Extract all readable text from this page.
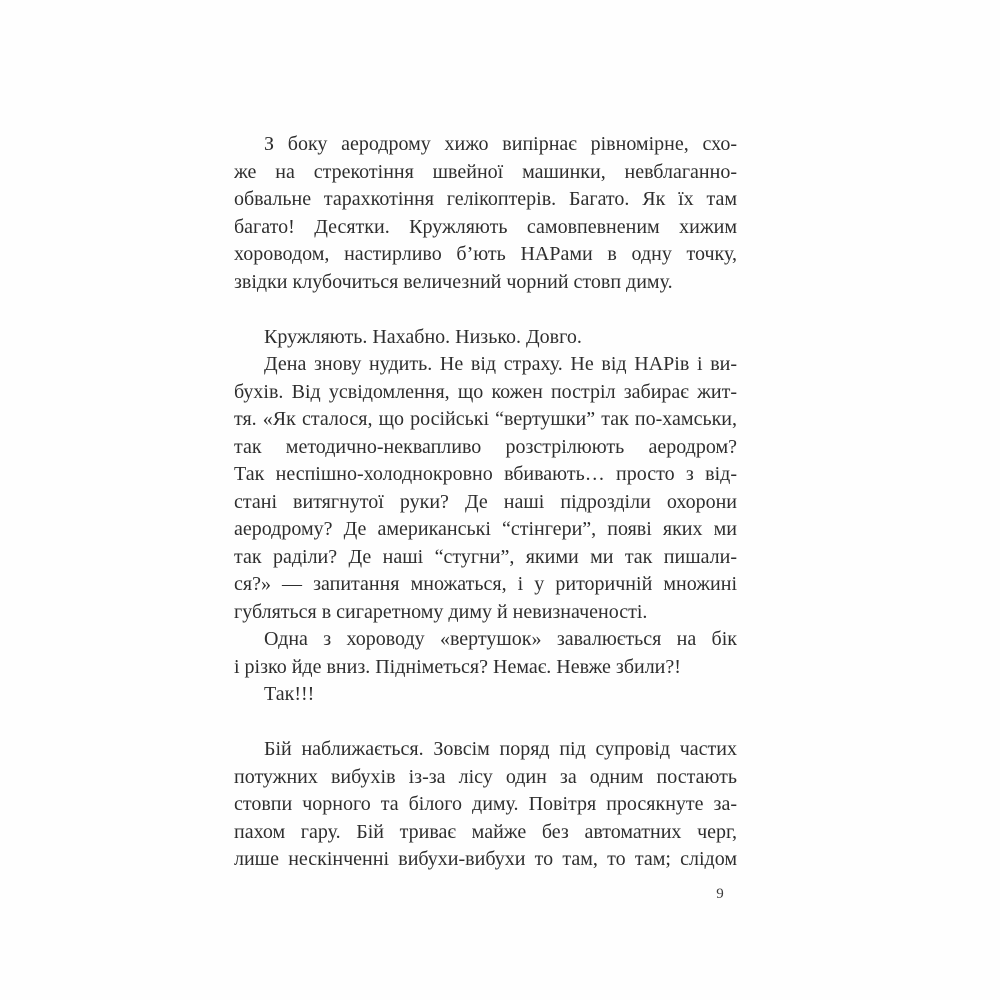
З боку аеродрому хижо випірнає рівномірне, схо-
же на стрекотіння швейної машинки, невблаганно-
обвальне тарахкотіння гелікоптерів. Багато. Як їх там
багато! Десятки. Кружляють самовпевненим хижим
хороводом, настирливо б’ють НАРами в одну точку,
звідки клубочиться величезний чорний стовп диму.
Кружляють. Нахабно. Низько. Довго.
Дена знову нудить. Не від страху. Не від НАРів і ви-
бухів. Від усвідомлення, що кожен постріл забирає жит-
тя. «Як сталося, що російські “вертушки” так по-хамськи,
так методично-неквапливо розстрілюють аеродром?
Так неспішно-холоднокровно вбивають… просто з від-
стані витягнутої руки? Де наші підрозділи охорони
аеродрому? Де американські “стінгери”, появі яких ми
так раділи? Де наші “стугни”, якими ми так пишали-
ся?» — запитання множаться, і у риторичній множині
губляться в сигаретному диму й невизначеності.
Одна з хороводу «вертушок» завалюється на бік
і різко йде вниз. Підніметься? Немає. Невже збили?!
Так!!!
Бій наближається. Зовсім поряд під супровід частих
потужних вибухів із-за лісу один за одним постають
стовпи чорного та білого диму. Повітря просякнуте за-
пахом гару. Бій триває майже без автоматних черг,
лише нескінченні вибухи-вибухи то там, то там; слідом
9
